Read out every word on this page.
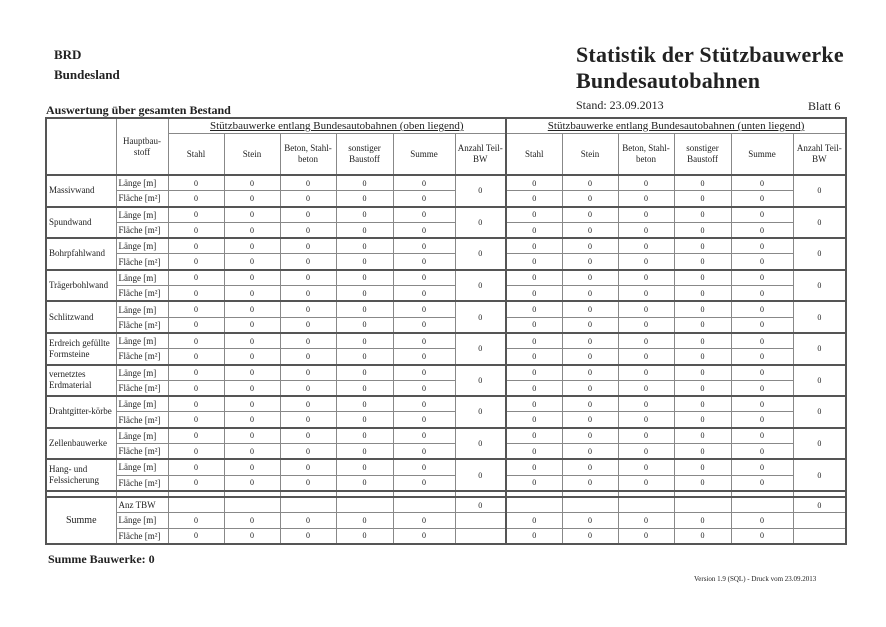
BRD
Bundesland
Statistik der Stützbauwerke
Bundesautobahnen
Auswertung über gesamten Bestand	Stand: 23.09.2013	Blatt 6
	Hauptbau-stoff	Stützbauwerke entlang Bundesautobahnen (oben liegend)						Stützbauwerke entlang Bundesautobahnen (unten liegend)					
		Stahl	Stein	Beton, Stahl-beton	sonstiger Baustoff	Summe	Anzahl Teil-BW	Stahl	Stein	Beton, Stahl-beton	sonstiger Baustoff	Summe	Anzahl Teil-BW
Massivwand	Länge [m]	0	0	0	0	0	0	0	0	0	0	0	0
	Fläche [m²]	0	0	0	0	0		0	0	0	0	0	
Spundwand	Länge [m]	0	0	0	0	0	0	0	0	0	0	0	0
	Fläche [m²]	0	0	0	0	0		0	0	0	0	0	
Bohrpfahlwand	Länge [m]	0	0	0	0	0	0	0	0	0	0	0	0
	Fläche [m²]	0	0	0	0	0		0	0	0	0	0	
Trägerbohlwand	Länge [m]	0	0	0	0	0	0	0	0	0	0	0	0
	Fläche [m²]	0	0	0	0	0		0	0	0	0	0	
Schlitzwand	Länge [m]	0	0	0	0	0	0	0	0	0	0	0	0
	Fläche [m²]	0	0	0	0	0		0	0	0	0	0	
Erdreich gefüllte Formsteine	Länge [m]	0	0	0	0	0	0	0	0	0	0	0	0
	Fläche [m²]	0	0	0	0	0		0	0	0	0	0	
vernetztes Erdmaterial	Länge [m]	0	0	0	0	0	0	0	0	0	0	0	0
	Fläche [m²]	0	0	0	0	0		0	0	0	0	0	
Drahtgitter-körbe	Länge [m]	0	0	0	0	0	0	0	0	0	0	0	0
	Fläche [m²]	0	0	0	0	0		0	0	0	0	0	
Zellenbauwerke	Länge [m]	0	0	0	0	0	0	0	0	0	0	0	0
	Fläche [m²]	0	0	0	0	0		0	0	0	0	0	
Hang- und Felssicherung	Länge [m]	0	0	0	0	0	0	0	0	0	0	0	0
	Fläche [m²]	0	0	0	0	0		0	0	0	0	0	

Summe	Anz TBW						0						0
	Länge [m]	0	0	0	0	0		0	0	0	0	0	
	Fläche [m²]	0	0	0	0	0		0	0	0	0	0	
Summe Bauwerke: 0
Version 1.9 (SQL) - Druck vom 23.09.2013
